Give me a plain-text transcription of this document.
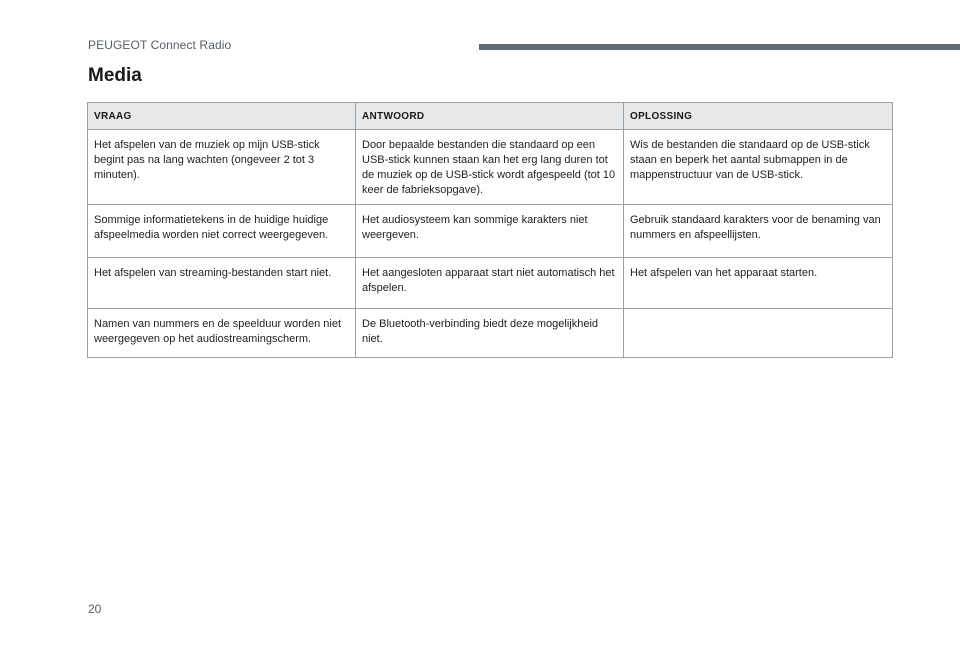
PEUGEOT Connect Radio
Media
VRAAG	ANTWOORD	OPLOSSING
Het afspelen van de muziek op mijn USB-stick begint pas na lang wachten (ongeveer 2 tot 3 minuten).	Door bepaalde bestanden die standaard op een USB-stick kunnen staan kan het erg lang duren tot de muziek op de USB-stick wordt afgespeeld (tot 10 keer de fabrieksopgave).	Wis de bestanden die standaard op de USB-stick staan en beperk het aantal submappen in de mappenstructuur van de USB-stick.
Sommige informatietekens in de huidige huidige afspeelmedia worden niet correct weergegeven.	Het audiosysteem kan sommige karakters niet weergeven.	Gebruik standaard karakters voor de benaming van nummers en afspeellijsten.
Het afspelen van streaming-bestanden start niet.	Het aangesloten apparaat start niet automatisch het afspelen.	Het afspelen van het apparaat starten.
Namen van nummers en de speelduur worden niet weergegeven op het audiostreamingscherm.	De Bluetooth-verbinding biedt deze mogelijkheid niet.	
20
